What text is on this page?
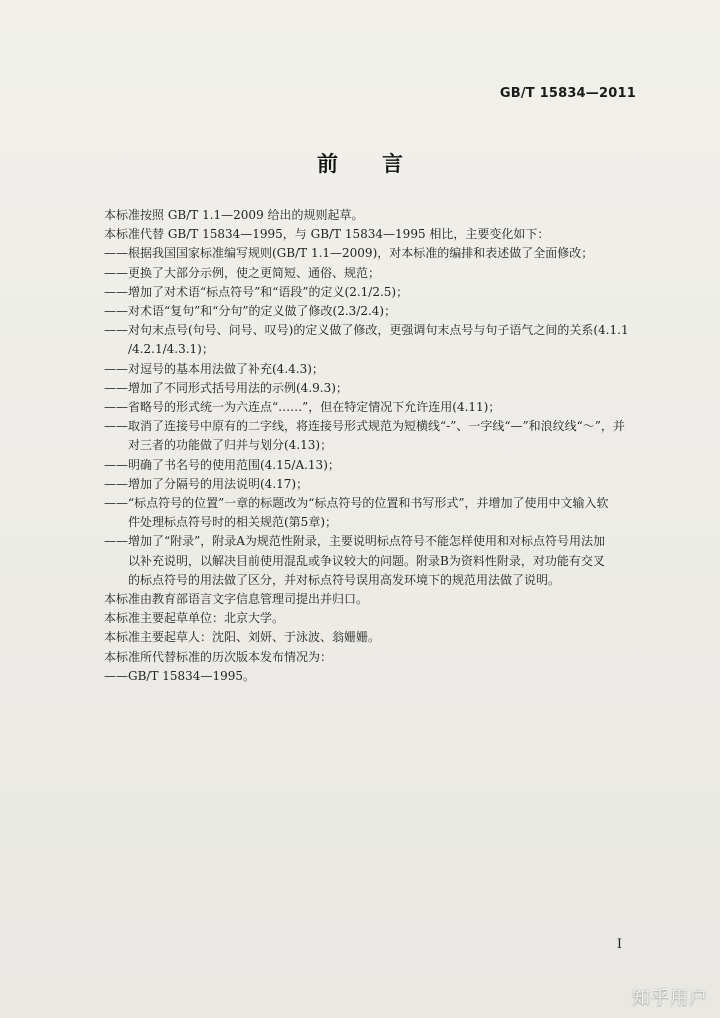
GB/T 15834—2011
前言
本标准按照 GB/T 1.1—2009 给出的规则起草。
本标准代替 GB/T 15834—1995，与 GB/T 15834—1995 相比，主要变化如下：
——根据我国国家标准编写规则(GB/T 1.1—2009)，对本标准的编排和表述做了全面修改；
——更换了大部分示例，使之更简短、通俗、规范；
——增加了对术语“标点符号”和“语段”的定义(2.1/2.5)；
——对术语“复句”和“分句”的定义做了修改(2.3/2.4)；
——对句末点号(句号、问号、叹号)的定义做了修改，更强调句末点号与句子语气之间的关系(4.1.1
/4.2.1/4.3.1)；
——对逗号的基本用法做了补充(4.4.3)；
——增加了不同形式括号用法的示例(4.9.3)；
——省略号的形式统一为六连点“……”，但在特定情况下允许连用(4.11)；
——取消了连接号中原有的二字线，将连接号形式规范为短横线“-”、一字线“—”和浪纹线“～”，并
对三者的功能做了归并与划分(4.13)；
——明确了书名号的使用范围(4.15/A.13)；
——增加了分隔号的用法说明(4.17)；
——“标点符号的位置”一章的标题改为“标点符号的位置和书写形式”，并增加了使用中文输入软
件处理标点符号时的相关规范(第5章)；
——增加了“附录”，附录A为规范性附录，主要说明标点符号不能怎样使用和对标点符号用法加
以补充说明，以解决目前使用混乱或争议较大的问题。附录B为资料性附录，对功能有交叉
的标点符号的用法做了区分，并对标点符号误用高发环境下的规范用法做了说明。
本标准由教育部语言文字信息管理司提出并归口。
本标准主要起草单位：北京大学。
本标准主要起草人：沈阳、刘妍、于泳波、翁姗姗。
本标准所代替标准的历次版本发布情况为：
——GB/T 15834—1995。
I
知乎用户
